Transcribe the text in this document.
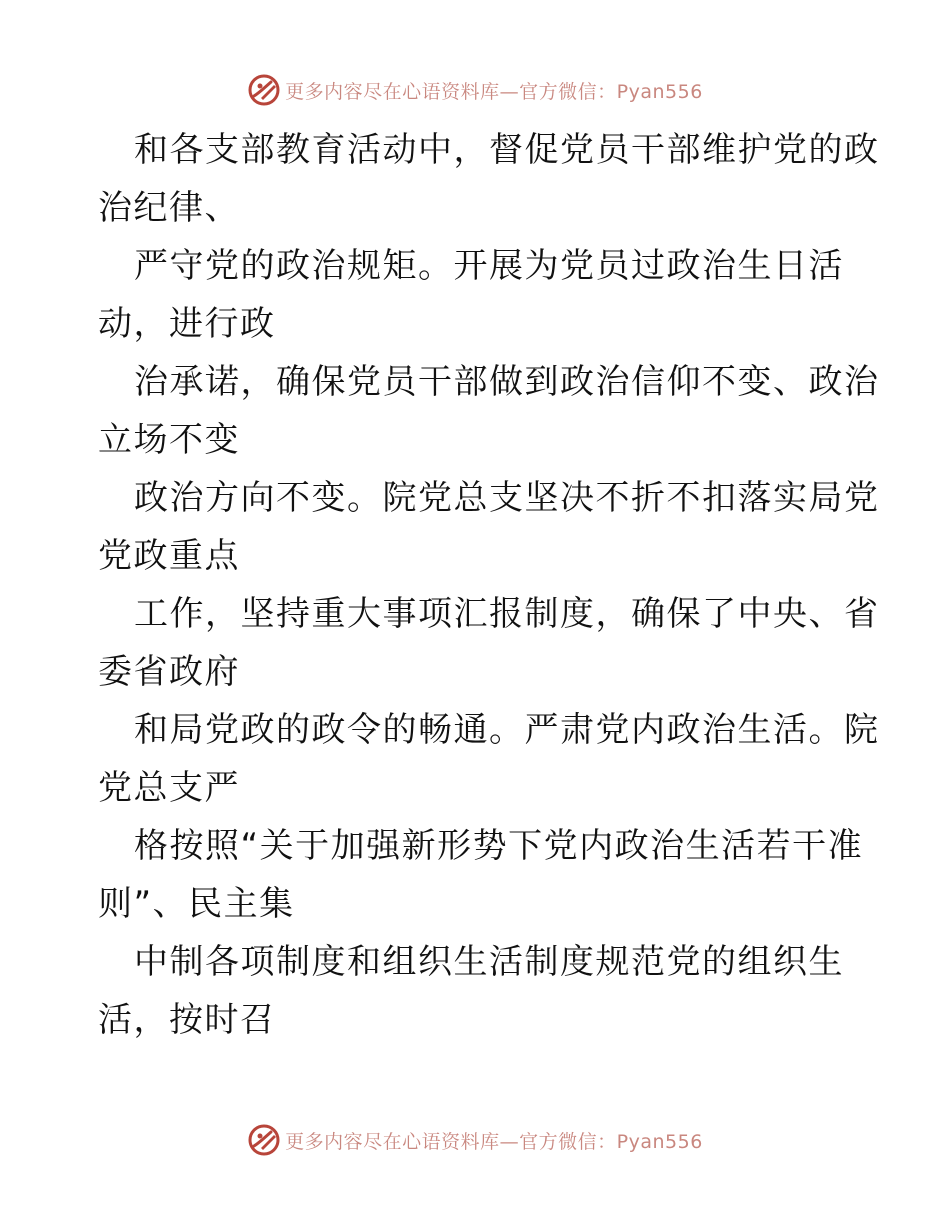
更多内容尽在心语资料库—官方微信：Pyan556
和各支部教育活动中，督促党员干部维护党的政
治纪律、
严守党的政治规矩。开展为党员过政治生日活
动，进行政
治承诺，确保党员干部做到政治信仰不变、政治
立场不变
政治方向不变。院党总支坚决不折不扣落实局党
党政重点
工作，坚持重大事项汇报制度，确保了中央、省
委省政府
和局党政的政令的畅通。严肃党内政治生活。院
党总支严
格按照“关于加强新形势下党内政治生活若干准
则”、民主集
中制各项制度和组织生活制度规范党的组织生
活，按时召
更多内容尽在心语资料库—官方微信：Pyan556
